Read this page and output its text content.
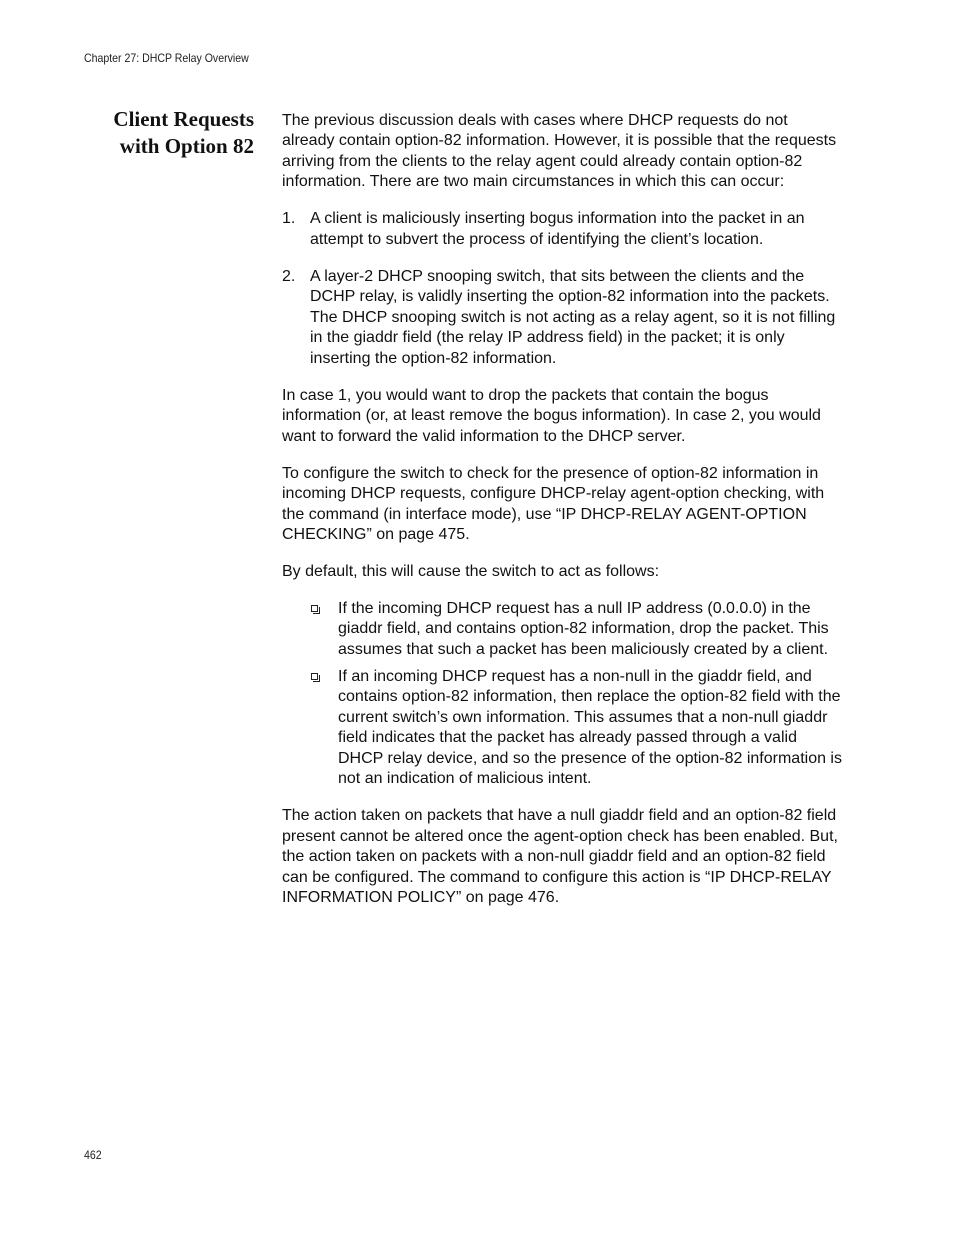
Chapter 27: DHCP Relay Overview
Client Requests
with Option 82

The previous discussion deals with cases where DHCP requests do not already contain option-82 information. However, it is possible that the requests arriving from the clients to the relay agent could already contain option-82 information. There are two main circumstances in which this can occur:

1. A client is maliciously inserting bogus information into the packet in an attempt to subvert the process of identifying the client’s location.
2. A layer-2 DHCP snooping switch, that sits between the clients and the DCHP relay, is validly inserting the option-82 information into the packets. The DHCP snooping switch is not acting as a relay agent, so it is not filling in the giaddr field (the relay IP address field) in the packet; it is only inserting the option-82 information.

In case 1, you would want to drop the packets that contain the bogus information (or, at least remove the bogus information). In case 2, you would want to forward the valid information to the DHCP server.

To configure the switch to check for the presence of option-82 information in incoming DHCP requests, configure DHCP-relay agent-option checking, with the command (in interface mode), use “IP DHCP-RELAY AGENT-OPTION CHECKING” on page 475.

By default, this will cause the switch to act as follows:

If the incoming DHCP request has a null IP address (0.0.0.0) in the giaddr field, and contains option-82 information, drop the packet. This assumes that such a packet has been maliciously created by a client.
If an incoming DHCP request has a non-null in the giaddr field, and contains option-82 information, then replace the option-82 field with the current switch’s own information. This assumes that a non-null giaddr field indicates that the packet has already passed through a valid DHCP relay device, and so the presence of the option-82 information is not an indication of malicious intent.

The action taken on packets that have a null giaddr field and an option-82 field present cannot be altered once the agent-option check has been enabled. But, the action taken on packets with a non-null giaddr field and an option-82 field can be configured. The command to configure this action is “IP DHCP-RELAY INFORMATION POLICY” on page 476.

462
